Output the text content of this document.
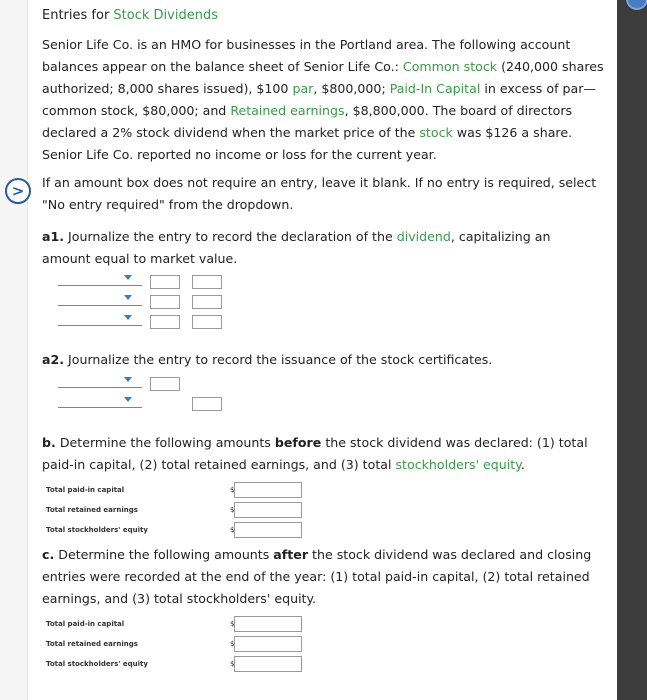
>
Entries for Stock Dividends
Senior Life Co. is an HMO for businesses in the Portland area. The following account balances appear on the balance sheet of Senior Life Co.: Common stock (240,000 shares authorized; 8,000 shares issued), $100 par, $800,000; Paid-In Capital in excess of par—common stock, $80,000; and Retained earnings, $8,800,000. The board of directors declared a 2% stock dividend when the market price of the stock was $126 a share. Senior Life Co. reported no income or loss for the current year.
If an amount box does not require an entry, leave it blank. If no entry is required, select "No entry required" from the dropdown.
a1. Journalize the entry to record the declaration of the dividend, capitalizing an amount equal to market value.
a2. Journalize the entry to record the issuance of the stock certificates.
b. Determine the following amounts before the stock dividend was declared: (1) total paid-in capital, (2) total retained earnings, and (3) total stockholders' equity.
Total paid-in capital	$
Total retained earnings	$
Total stockholders' equity	$
c. Determine the following amounts after the stock dividend was declared and closing entries were recorded at the end of the year: (1) total paid-in capital, (2) total retained earnings, and (3) total stockholders' equity.
Total paid-in capital	$
Total retained earnings	$
Total stockholders' equity	$
